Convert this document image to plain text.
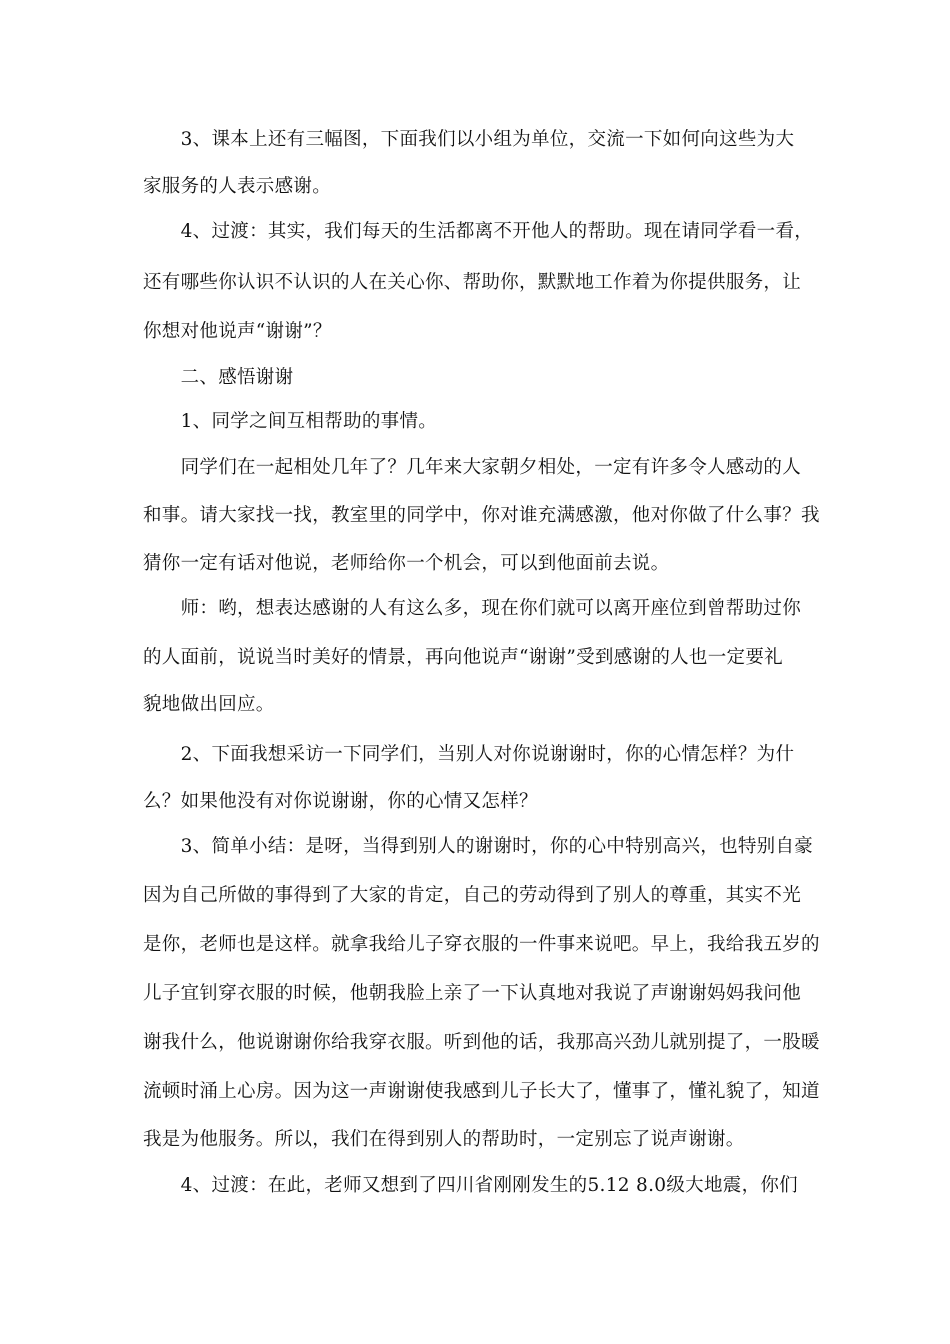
　　3、课本上还有三幅图，下面我们以小组为单位，交流一下如何向这些为大
家服务的人表示感谢。
　　4、过渡：其实，我们每天的生活都离不开他人的帮助。现在请同学看一看，
还有哪些你认识不认识的人在关心你、帮助你，默默地工作着为你提供服务，让
你想对他说声“谢谢”？
　　二、感悟谢谢
　　1、同学之间互相帮助的事情。
　　同学们在一起相处几年了？几年来大家朝夕相处，一定有许多令人感动的人
和事。请大家找一找，教室里的同学中，你对谁充满感激，他对你做了什么事？我
猜你一定有话对他说，老师给你一个机会，可以到他面前去说。
　　师：哟，想表达感谢的人有这么多，现在你们就可以离开座位到曾帮助过你
的人面前，说说当时美好的情景，再向他说声“谢谢”受到感谢的人也一定要礼
貌地做出回应。
　　2、下面我想采访一下同学们，当别人对你说谢谢时，你的心情怎样？为什
么？如果他没有对你说谢谢，你的心情又怎样？
　　3、简单小结：是呀，当得到别人的谢谢时，你的心中特别高兴，也特别自豪
因为自己所做的事得到了大家的肯定，自己的劳动得到了别人的尊重，其实不光
是你，老师也是这样。就拿我给儿子穿衣服的一件事来说吧。早上，我给我五岁的
儿子宜钊穿衣服的时候，他朝我脸上亲了一下认真地对我说了声谢谢妈妈我问他
谢我什么，他说谢谢你给我穿衣服。听到他的话，我那高兴劲儿就别提了，一股暖
流顿时涌上心房。因为这一声谢谢使我感到儿子长大了，懂事了，懂礼貌了，知道
我是为他服务。所以，我们在得到别人的帮助时，一定别忘了说声谢谢。
　　4、过渡：在此，老师又想到了四川省刚刚发生的5.12 8.0级大地震，你们
